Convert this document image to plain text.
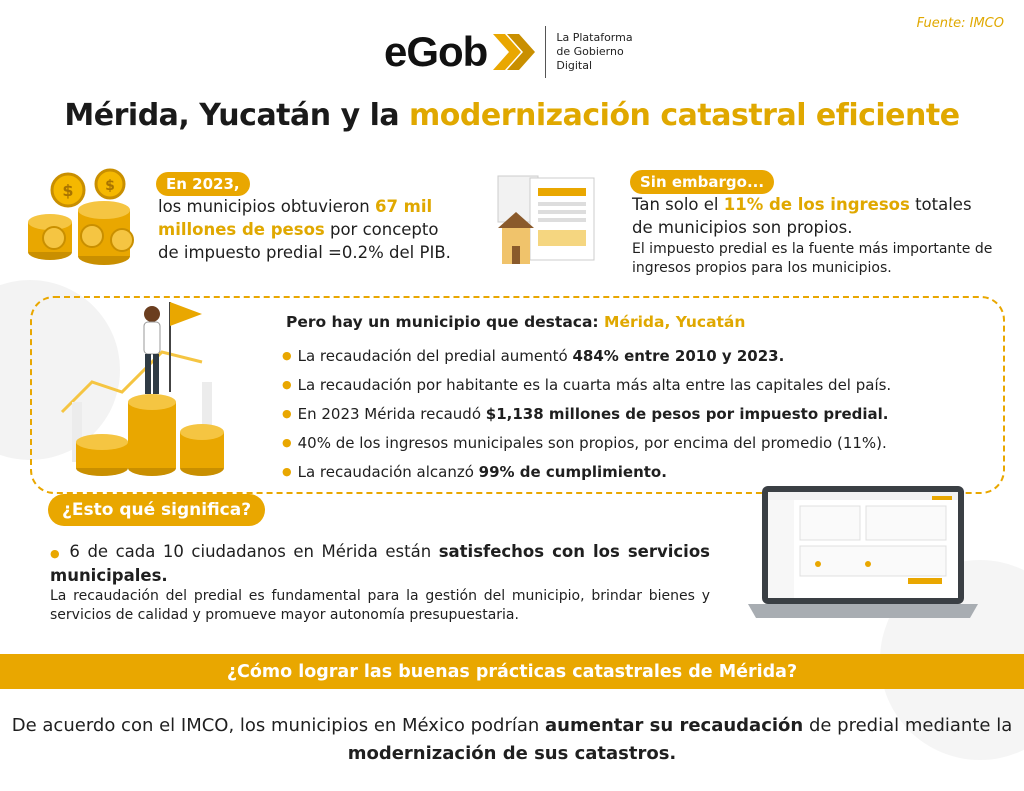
Fuente: IMCO
eGob	La Plataforma
de Gobierno
Digital
Mérida, Yucatán y la modernización catastral eficiente
$ $	En 2023,
los municipios obtuvieron 67 mil millones de pesos por concepto de impuesto predial =0.2% del PIB.
Sin embargo...
Tan solo el 11% de los ingresos totales de municipios son propios.
El impuesto predial es la fuente más importante de ingresos propios para los municipios.
Pero hay un municipio que destaca: Mérida, Yucatán
● La recaudación del predial aumentó
484% entre 2010 y 2023.
● La recaudación por habitante es la cuarta más alta entre las capitales del país.
● En 2023 Mérida recaudó
$1,138 millones de pesos por impuesto predial.
● 40% de los ingresos municipales son propios, por encima del promedio (11%).
● La recaudación alcanzó
99% de cumplimiento.
¿Esto qué significa?
● 6 de cada 10 ciudadanos en Mérida están satisfechos con los servicios municipales.
La recaudación del predial es fundamental para la gestión del municipio, brindar bienes y servicios de calidad y promueve mayor autonomía presupuestaria.
¿Cómo lograr las buenas prácticas catastrales de Mérida?
De acuerdo con el IMCO, los municipios en México podrían aumentar su recaudación de predial mediante la modernización de sus catastros.
